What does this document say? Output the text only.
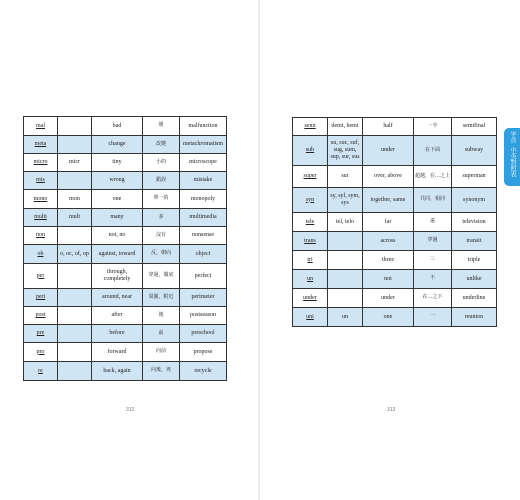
mal		bad	壞	malfunction
meta		change	改變	metachromatism
micro	micr	tiny	小的	microscope
mis		wrong	錯誤	mistake
mono	mon	one	單一的	monopoly
multi	mult	many	多	multimedia
non		not, no	沒有	nonsense
ob	o, oc, of, op	against, toward	反，朝向	object
per		through, completely	穿過，徹底	perfect
peri		around, near	周圍，附近	perimeter
post		after	後	postseason
pre		before	前	preschool
pro		forward	向前	propose
re		back, again	向後，再	recycle
312
semi	demi, hemi	half	一半	semifinal
sub	su, suc, suf, sug, sum, sup, sur, sus	under	在下面	subway
super	sur	over, above	超越，在…之上	superman
syn	sy, syl, sym, sys	together, same	共同，相同	synonym
tele	tel, telo	far	遠	television
trans		across	穿過	transit
tri		three	三	triple
un		not	不	unlike
under		under	在…之下	underline
uni	un	one	一	reunion
313
字首
中英對照表
